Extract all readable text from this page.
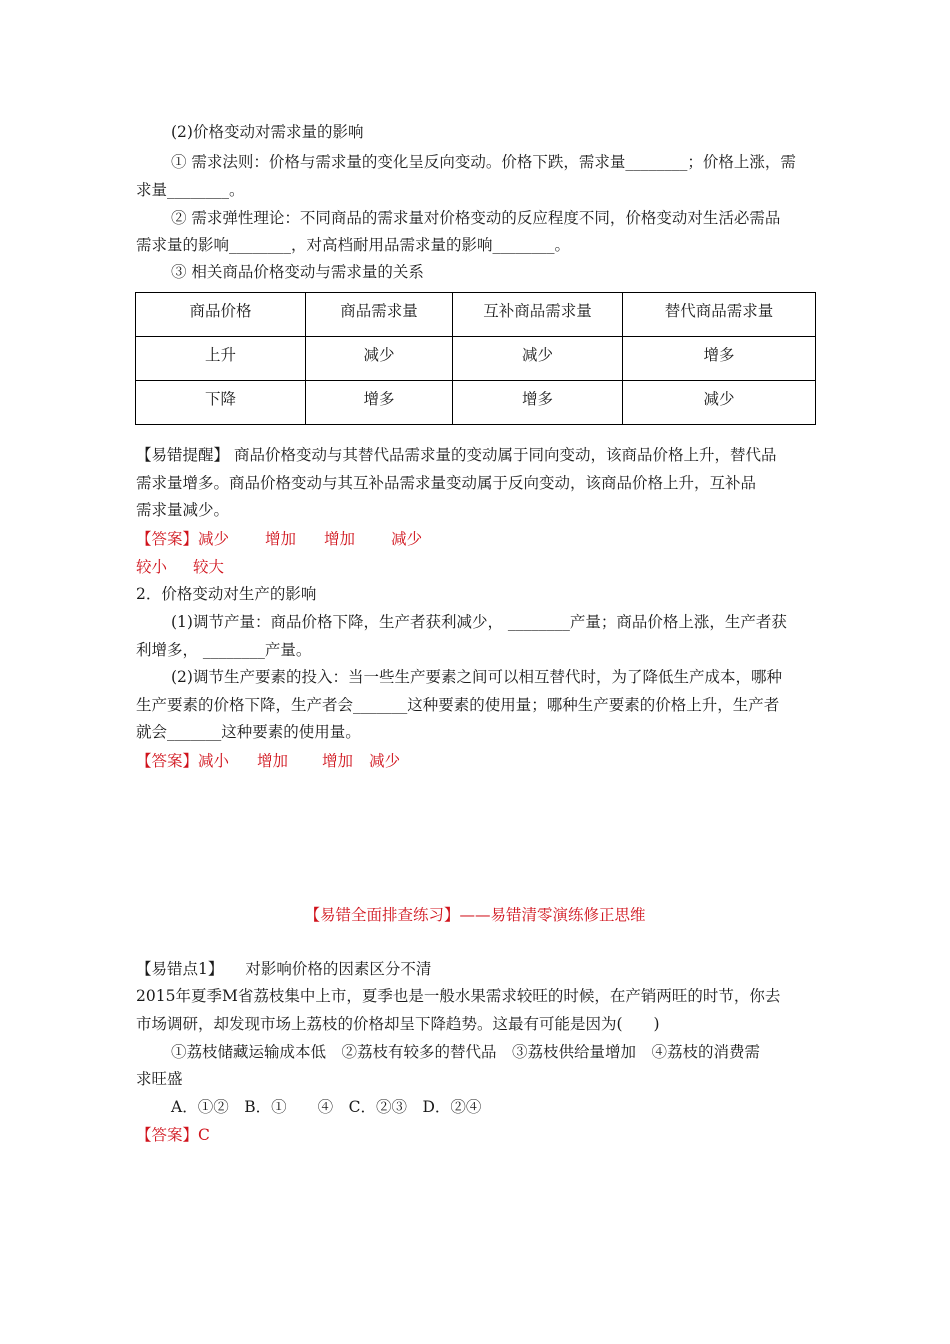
(2)价格变动对需求量的影响
① 需求法则：价格与需求量的变化呈反向变动。价格下跌，需求量________；价格上涨，需
求量________。
② 需求弹性理论：不同商品的需求量对价格变动的反应程度不同，价格变动对生活必需品
需求量的影响________，对高档耐用品需求量的影响________。
③ 相关商品价格变动与需求量的关系
商品价格	商品需求量	互补商品需求量	替代商品需求量
上升	减少	减少	增多
下降	增多	增多	减少
【易错提醒】 商品价格变动与其替代品需求量的变动属于同向变动，该商品价格上升，替代品
需求量增多。商品价格变动与其互补品需求量变动属于反向变动，该商品价格上升，互补品
需求量减少。
【答案】减少 增加 增加 减少
较小 较大
2．价格变动对生产的影响
(1)调节产量：商品价格下降，生产者获利减少， ________产量；商品价格上涨，生产者获
利增多， ________产量。
(2)调节生产要素的投入：当一些生产要素之间可以相互替代时，为了降低生产成本，哪种
生产要素的价格下降，生产者会_______这种要素的使用量；哪种生产要素的价格上升，生产者
就会_______这种要素的使用量。
【答案】减小 增加 增加 减少
【易错全面排查练习】——易错清零演练修正思维
【易错点1】 对影响价格的因素区分不清
2015年夏季M省荔枝集中上市，夏季也是一般水果需求较旺的时候，在产销两旺的时节，你去
市场调研，却发现市场上荔枝的价格却呈下降趋势。这最有可能是因为(　　)
①荔枝储藏运输成本低　②荔枝有较多的替代品　③荔枝供给量增加　④荔枝的消费需
求旺盛
A．①②　B．①　　④　C．②③　D．②④
【答案】C
